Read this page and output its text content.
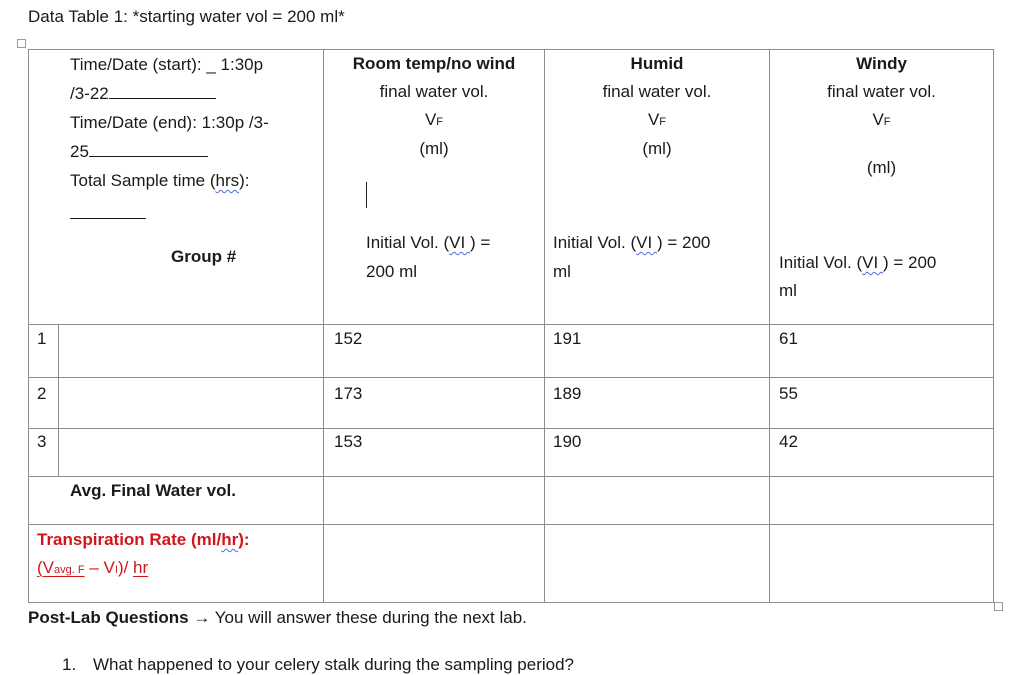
Data Table 1: *starting water vol = 200 ml*
Time/Date (start): _ 1:30p
/3-22
Time/Date (end): 1:30p /3-
25
Total Sample time (hrs):
Group #
Room temp/no wind
final water vol.
VF
(ml)
Initial Vol. (VI ) =
200 ml
Humid
final water vol.
VF
(ml)
Initial Vol. (VI ) = 200
ml
Windy
final water vol.
VF
(ml)
Initial Vol. (VI ) = 200
ml
1	152	191	61
2	173	189	55
3	153	190	42
Avg. Final Water vol.
Transpiration Rate (ml/hr):
(Vavg. F – VI)/ hr
Post-Lab Questions → You will answer these during the next lab.
1. What happened to your celery stalk during the sampling period?
